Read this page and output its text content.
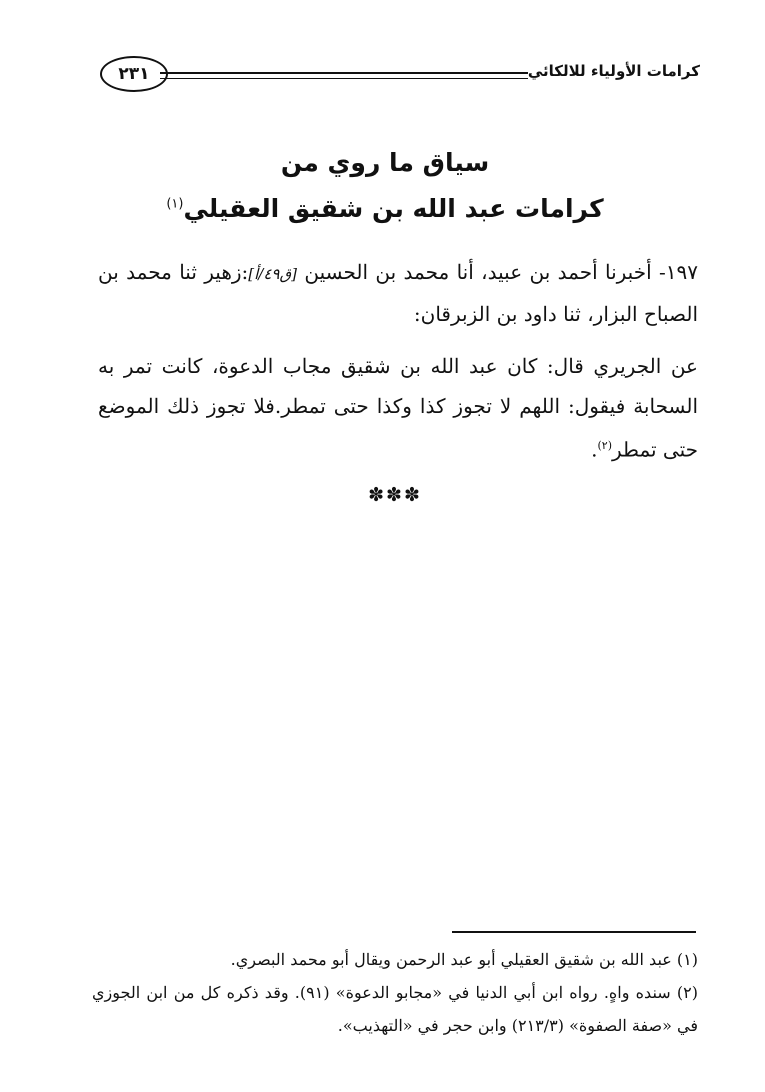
كرامات الأولياء للالكائي
٢٣١
سياق ما روي من
كرامات عبد الله بن شقيق العقيلي$^{(١)}$
١٩٧- أخبرنا أحمد بن عبيد، أنا محمد بن الحسين [ق٤٩/أ]:زهير ثنا محمد بن الصباح البزار، ثنا داود بن الزبرقان:
عن الجريري قال: كان عبد الله بن شقيق مجاب الدعوة، كانت تمر به السحابة فيقول: اللهم لا تجوز كذا وكذا حتى تمطر.فلا تجوز ذلك الموضع حتى تمطر$^{(٢)}$.
✽✽✽

(١) عبد الله بن شقيق العقيلي أبو عبد الرحمن ويقال أبو محمد البصري.

(٢) سنده واهٍ. رواه ابن أبي الدنيا في «مجابو الدعوة» (٩١). وقد ذكره كل من ابن الجوزي في «صفة الصفوة» (٢١٣/٣) وابن حجر في «التهذيب».
